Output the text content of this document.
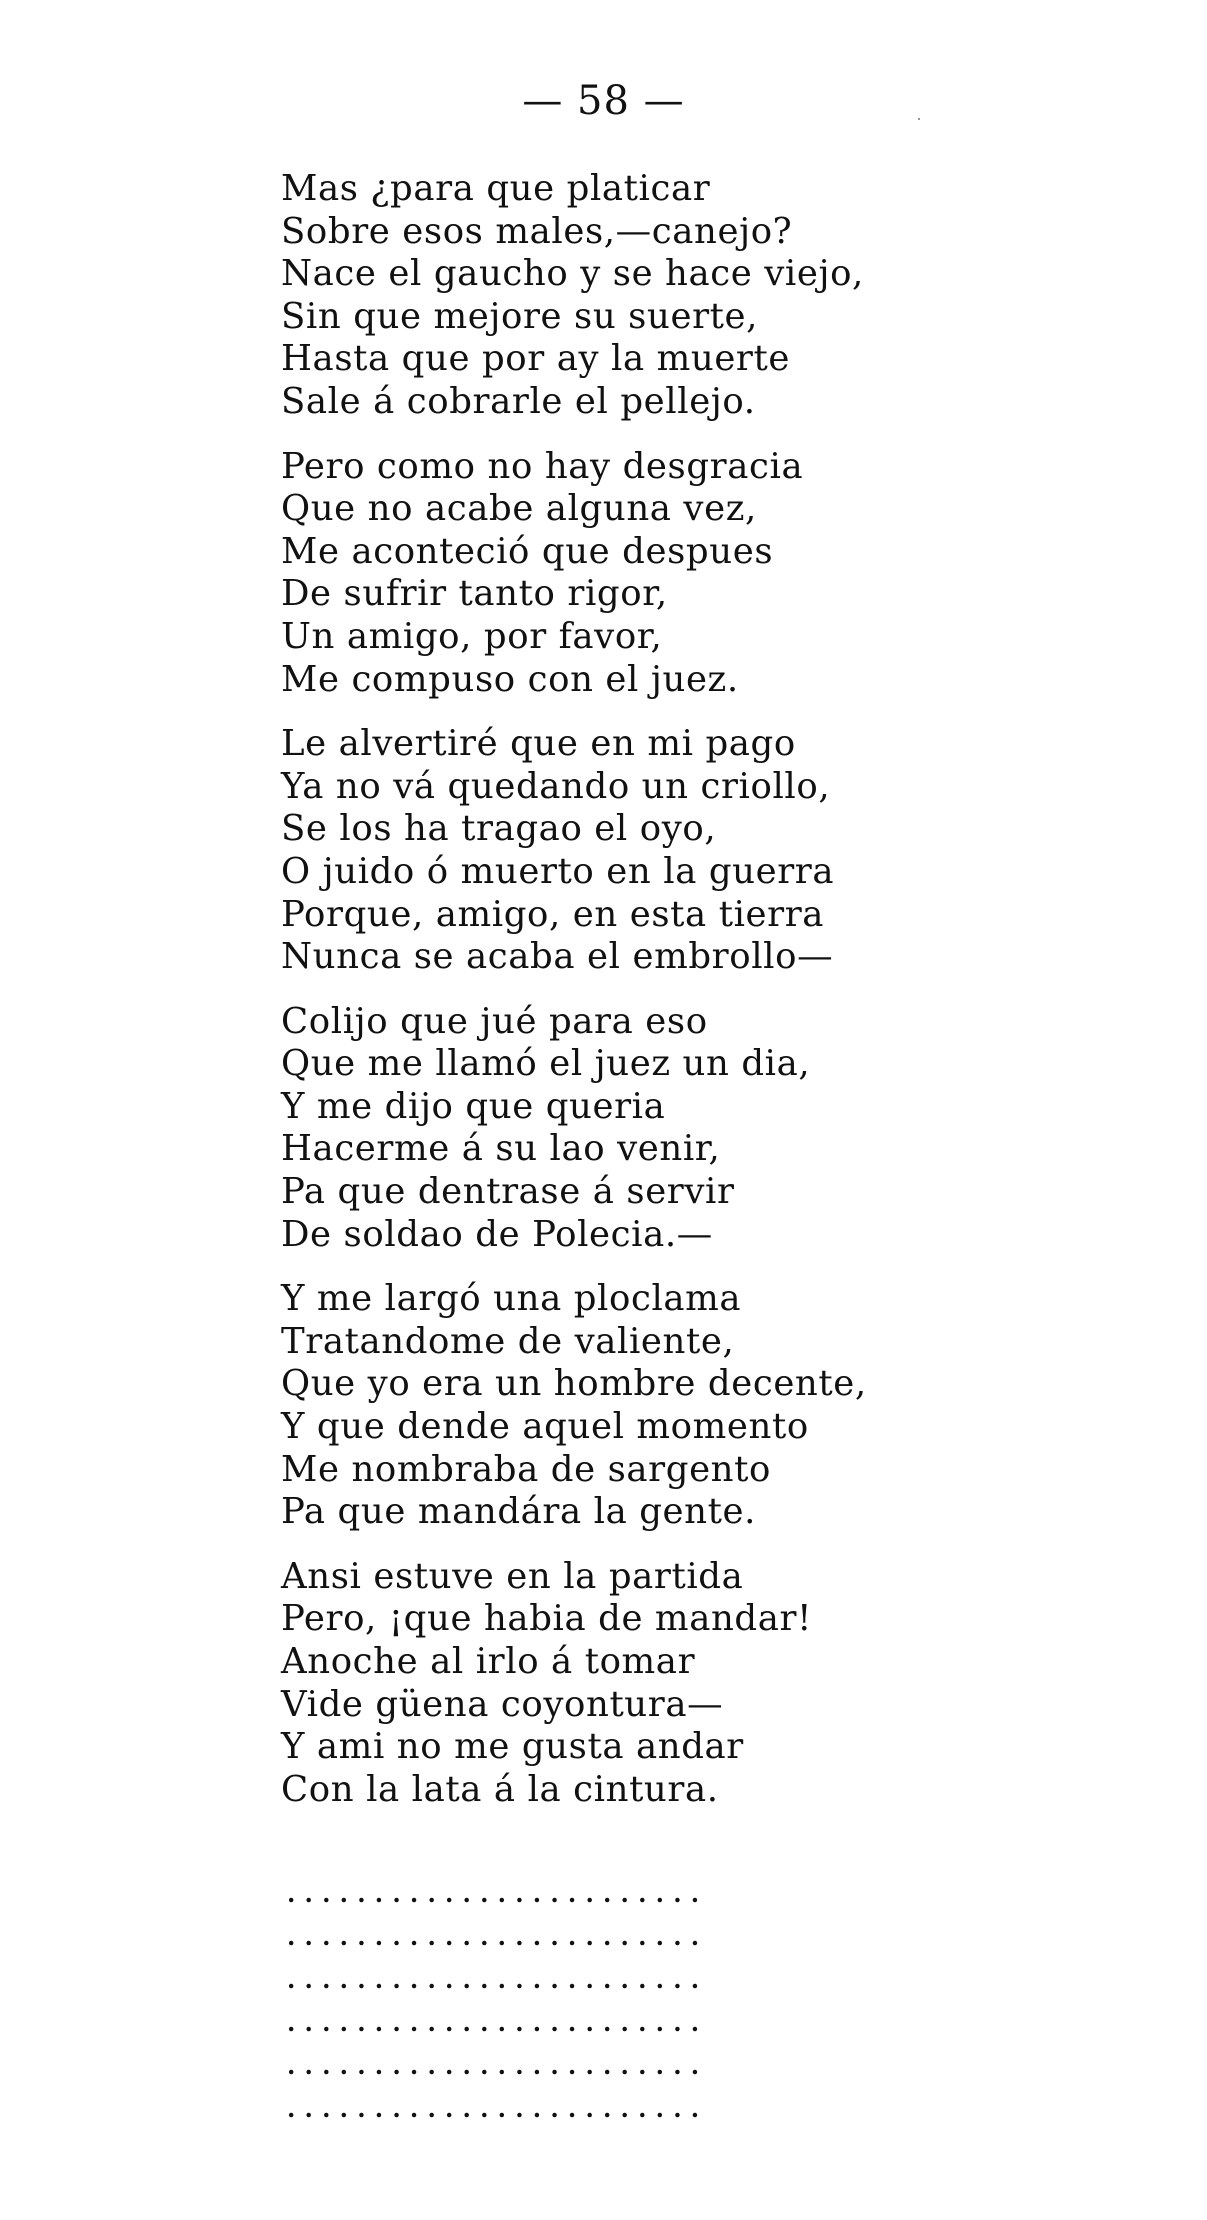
— 58 —
Mas ¿para que platicar
Sobre esos males,—canejo?
Nace el gaucho y se hace viejo,
Sin que mejore su suerte,
Hasta que por ay la muerte
Sale á cobrarle el pellejo.
Pero como no hay desgracia
Que no acabe alguna vez,
Me aconteció que despues
De sufrir tanto rigor,
Un amigo, por favor,
Me compuso con el juez.
Le alvertiré que en mi pago
Ya no vá quedando un criollo,
Se los ha tragao el oyo,
O juido ó muerto en la guerra
Porque, amigo, en esta tierra
Nunca se acaba el embrollo—
Colijo que jué para eso
Que me llamó el juez un dia,
Y me dijo que queria
Hacerme á su lao venir,
Pa que dentrase á servir
De soldao de Polecia.—
Y me largó una ploclama
Tratandome de valiente,
Que yo era un hombre decente,
Y que dende aquel momento
Me nombraba de sargento
Pa que mandára la gente.
Ansi estuve en la partida
Pero, ¡que habia de mandar!
Anoche al irlo á tomar
Vide güena coyontura—
Y ami no me gusta andar
Con la lata á la cintura.
........................
........................
........................
........................
........................
........................
